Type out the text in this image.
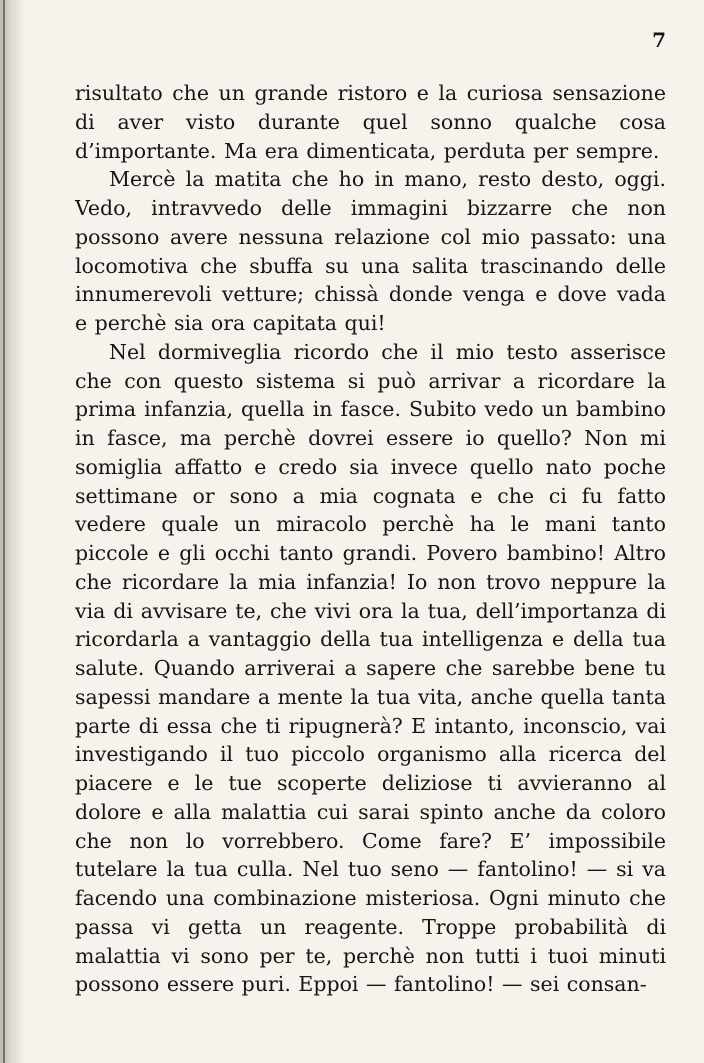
7

risultato che un grande ristoro e la curiosa sensazione di aver visto durante quel sonno qualche cosa d’importante. Ma era dimenticata, perduta per sempre.

Mercè la matita che ho in mano, resto desto, oggi. Vedo, intravvedo delle immagini bizzarre che non possono avere nessuna relazione col mio passato: una locomotiva che sbuffa su una salita trascinando delle innumerevoli vetture; chissà donde venga e dove vada e perchè sia ora capitata qui!

Nel dormiveglia ricordo che il mio testo asserisce che con questo sistema si può arrivar a ricordare la prima infanzia, quella in fasce. Subito vedo un bambino in fasce, ma perchè dovrei essere io quello? Non mi somiglia affatto e credo sia invece quello nato poche settimane or sono a mia cognata e che ci fu fatto vedere quale un miracolo perchè ha le mani tanto piccole e gli occhi tanto grandi. Povero bambino! Altro che ricordare la mia infanzia! Io non trovo neppure la via di avvisare te, che vivi ora la tua, dell’importanza di ricordarla a vantaggio della tua intelligenza e della tua salute. Quando arriverai a sapere che sarebbe bene tu sapessi mandare a mente la tua vita, anche quella tanta parte di essa che ti ripugnerà? E intanto, inconscio, vai investigando il tuo piccolo organismo alla ricerca del piacere e le tue scoperte deliziose ti avvieranno al dolore e alla malattia cui sarai spinto anche da coloro che non lo vorrebbero. Come fare? E’ impossibile tutelare la tua culla. Nel tuo seno — fantolino! — si va facendo una combinazione misteriosa. Ogni minuto che passa vi getta un reagente. Troppe probabilità di malattia vi sono per te, perchè non tutti i tuoi minuti possono essere puri. Eppoi — fantolino! — sei consan-
